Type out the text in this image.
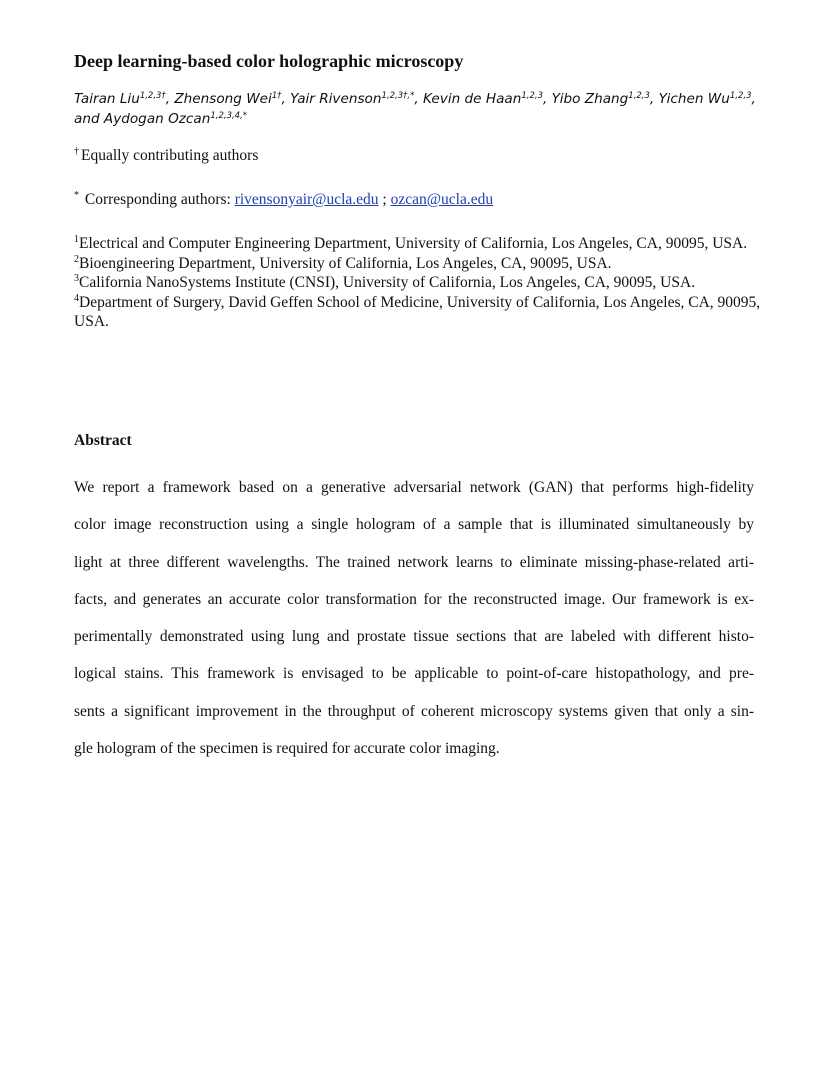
Deep learning-based color holographic microscopy
Tairan Liu$^{1,2,3\dagger}$, Zhensong Wei$^{1\dagger}$, Yair Rivenson$^{1,2,3\dagger,*}$, Kevin de Haan$^{1,2,3}$, Yibo Zhang$^{1,2,3}$, Yichen Wu$^{1,2,3}$,
and Aydogan Ozcan$^{1,2,3,4,*}$
† Equally contributing authors
* Corresponding authors: rivensonyair@ucla.edu ; ozcan@ucla.edu

$^1$Electrical and Computer Engineering Department, University of California, Los Angeles, CA, 90095, USA.

$^2$Bioengineering Department, University of California, Los Angeles, CA, 90095, USA.

$^3$California NanoSystems Institute (CNSI), University of California, Los Angeles, CA, 90095, USA.

$^4$Department of Surgery, David Geffen School of Medicine, University of California, Los Angeles, CA, 90095, USA.

Abstract
We report a framework based on a generative adversarial network (GAN) that performs high-fidelity
color image reconstruction using a single hologram of a sample that is illuminated simultaneously by
light at three different wavelengths. The trained network learns to eliminate missing-phase-related arti-
facts, and generates an accurate color transformation for the reconstructed image. Our framework is ex-
perimentally demonstrated using lung and prostate tissue sections that are labeled with different histo-
logical stains. This framework is envisaged to be applicable to point-of-care histopathology, and pre-
sents a significant improvement in the throughput of coherent microscopy systems given that only a sin-
gle hologram of the specimen is required for accurate color imaging.
